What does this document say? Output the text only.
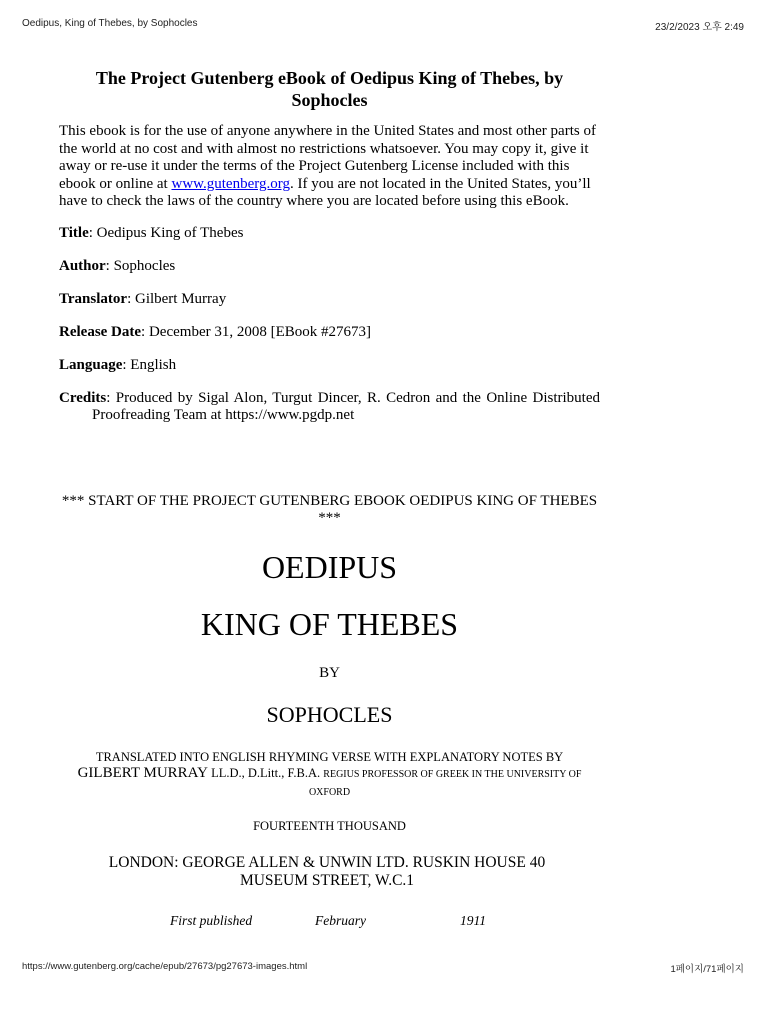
Oedipus, King of Thebes, by Sophocles	23/2/2023 오후 2:49
The Project Gutenberg eBook of Oedipus King of Thebes, by Sophocles

This ebook is for the use of anyone anywhere in the United States and most other parts of the world at no cost and with almost no restrictions whatsoever. You may copy it, give it away or re-use it under the terms of the Project Gutenberg License included with this ebook or online at www.gutenberg.org. If you are not located in the United States, you’ll have to check the laws of the country where you are located before using this eBook.

Title: Oedipus King of Thebes

Author: Sophocles

Translator: Gilbert Murray

Release Date: December 31, 2008 [EBook #27673]

Language: English

Credits: Produced by Sigal Alon, Turgut Dincer, R. Cedron and the Online Distributed Proofreading Team at https://www.pgdp.net

*** START OF THE PROJECT GUTENBERG EBOOK OEDIPUS KING OF THEBES ***

OEDIPUS
KING OF THEBES
BY
SOPHOCLES
TRANSLATED INTO ENGLISH RHYMING VERSE WITH EXPLANATORY NOTES BY
GILBERT MURRAY LL.D., D.Litt., F.B.A. REGIUS PROFESSOR OF GREEK IN THE UNIVERSITY OF OXFORD
FOURTEENTH THOUSAND
LONDON: GEORGE ALLEN & UNWIN LTD. RUSKIN HOUSE 40 MUSEUM STREET, W.C.1
First published	February	1911
https://www.gutenberg.org/cache/epub/27673/pg27673-images.html	1페이지/71페이지
